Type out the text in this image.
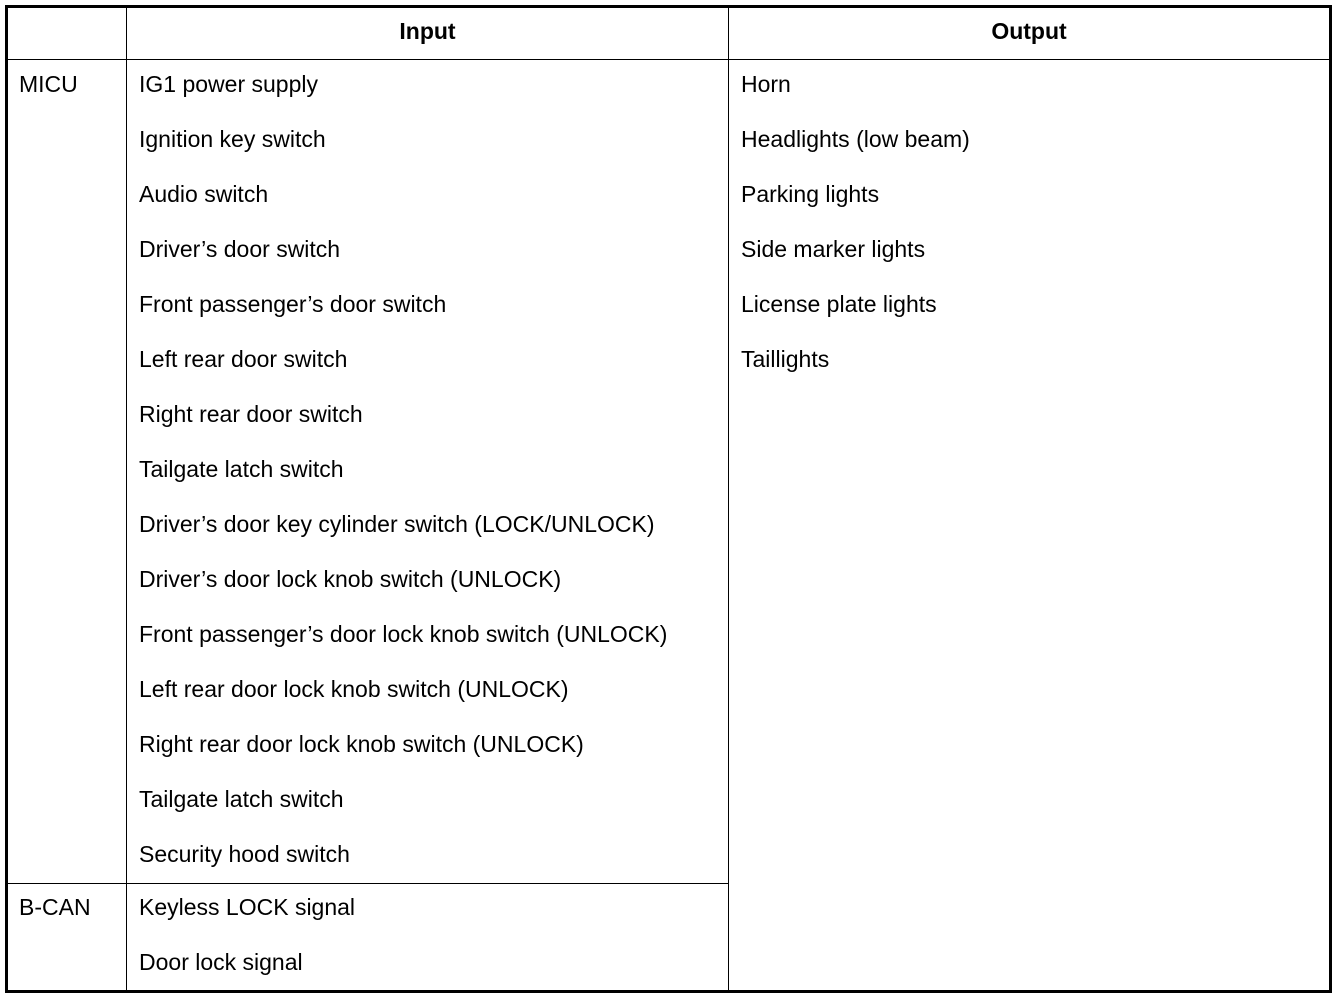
Input	Output
MICU
B-CAN
IG1 power supply
Ignition key switch
Audio switch
Driver’s door switch
Front passenger’s door switch
Left rear door switch
Right rear door switch
Tailgate latch switch
Driver’s door key cylinder switch (LOCK/UNLOCK)
Driver’s door lock knob switch (UNLOCK)
Front passenger’s door lock knob switch (UNLOCK)
Left rear door lock knob switch (UNLOCK)
Right rear door lock knob switch (UNLOCK)
Tailgate latch switch
Security hood switch
Keyless LOCK signal
Door lock signal
Horn
Headlights (low beam)
Parking lights
Side marker lights
License plate lights
Taillights
